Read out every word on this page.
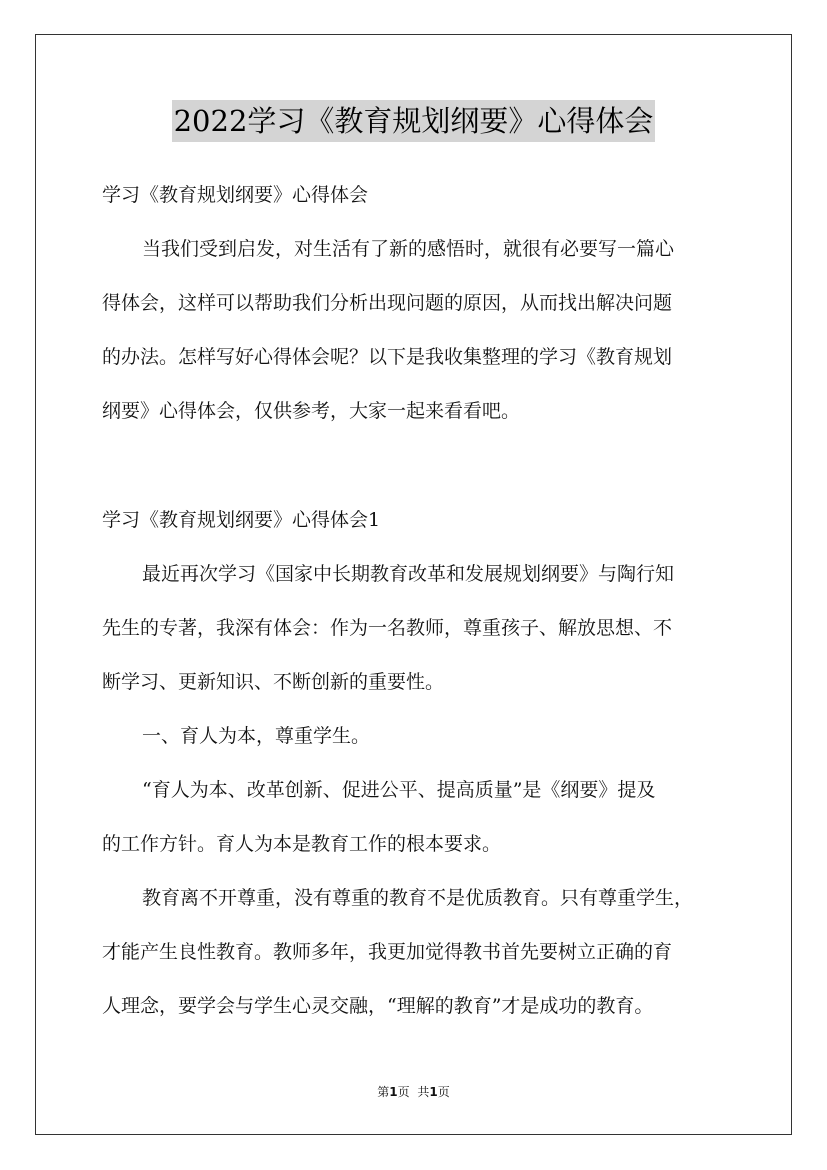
2022学习《教育规划纲要》心得体会
学习《教育规划纲要》心得体会
当我们受到启发，对生活有了新的感悟时，就很有必要写一篇心
得体会，这样可以帮助我们分析出现问题的原因，从而找出解决问题
的办法。怎样写好心得体会呢？以下是我收集整理的学习《教育规划
纲要》心得体会，仅供参考，大家一起来看看吧。
学习《教育规划纲要》心得体会1
最近再次学习《国家中长期教育改革和发展规划纲要》与陶行知
先生的专著，我深有体会：作为一名教师，尊重孩子、解放思想、不
断学习、更新知识、不断创新的重要性。
一、育人为本，尊重学生。
“育人为本、改革创新、促进公平、提高质量”是《纲要》提及
的工作方针。育人为本是教育工作的根本要求。
教育离不开尊重，没有尊重的教育不是优质教育。只有尊重学生，
才能产生良性教育。教师多年，我更加觉得教书首先要树立正确的育
人理念，要学会与学生心灵交融，“理解的教育”才是成功的教育。
第1页 共1页
